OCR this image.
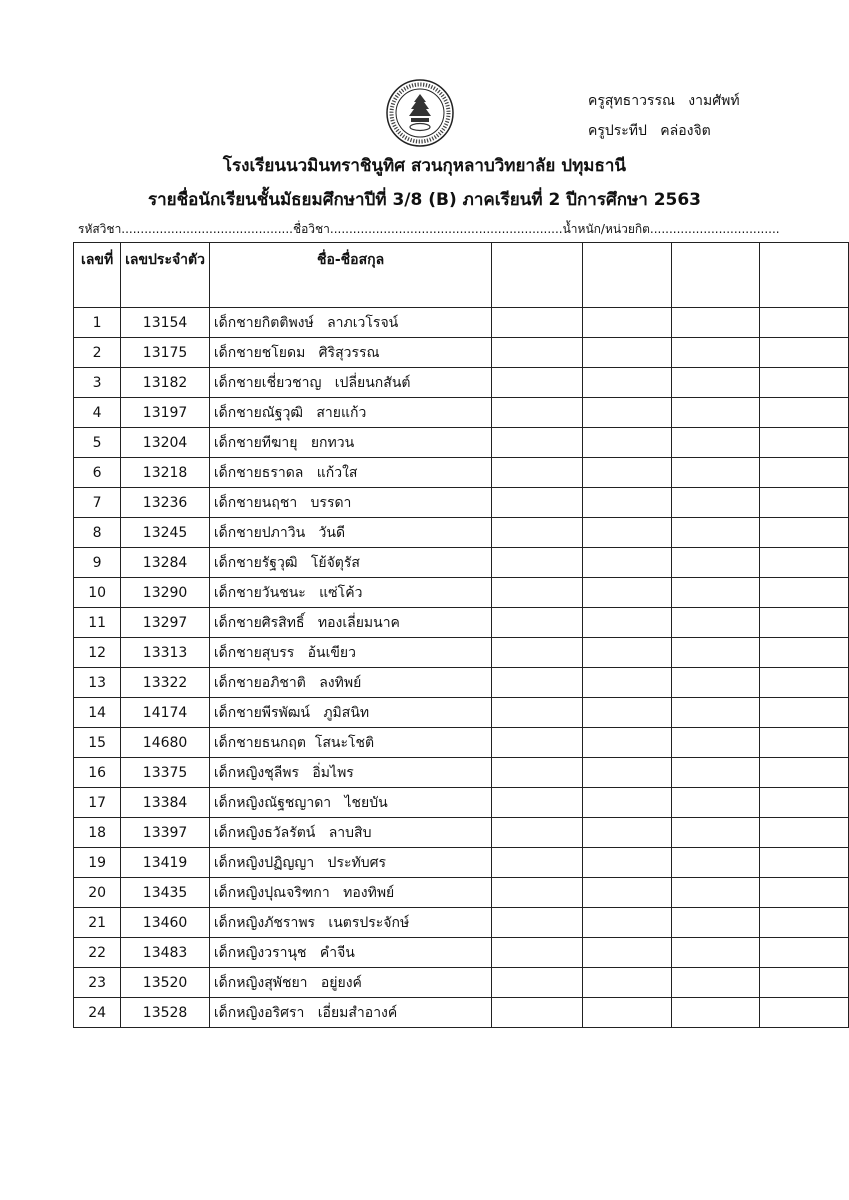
ครูสุทธาวรรณ   งามศัพท์
ครูประทีป   คล่องจิต
โรงเรียนนวมินทราชินูทิศ สวนกุหลาบวิทยาลัย ปทุมธานี
รายชื่อนักเรียนชั้นมัธยมศึกษาปีที่ 3/8 (B) ภาคเรียนที่ 2 ปีการศึกษา 2563
รหัสวิชา.............................................ชื่อวิชา.............................................................น้ำหนัก/หน่วยกิต..................................
เลขที่	เลขประจำตัว	ชื่อ-ชื่อสกุล				
1	13154	เด็กชายกิตติพงษ์   ลาภเวโรจน์				
2	13175	เด็กชายชโยดม   ศิริสุวรรณ				
3	13182	เด็กชายเชี่ยวชาญ   เปลี่ยนกสันต์				
4	13197	เด็กชายณัฐวุฒิ   สายแก้ว				
5	13204	เด็กชายทีฆายุ   ยกทวน				
6	13218	เด็กชายธราดล   แก้วใส				
7	13236	เด็กชายนฤชา   บรรดา				
8	13245	เด็กชายปภาวิน   วันดี				
9	13284	เด็กชายรัฐวุฒิ   โย้จัตุรัส				
10	13290	เด็กชายวันชนะ   แซ่โค้ว				
11	13297	เด็กชายศิรสิทธิ์   ทองเลี่ยมนาค				
12	13313	เด็กชายสุบรร   อ้นเขียว				
13	13322	เด็กชายอภิชาติ   ลงทิพย์				
14	14174	เด็กชายพีรพัฒน์   ภูมิสนิท				
15	14680	เด็กชายธนกฤต  โสนะโชติ				
16	13375	เด็กหญิงชุลีพร   อิ่มไพร				
17	13384	เด็กหญิงณัฐชญาดา   ไชยบัน				
18	13397	เด็กหญิงธวัลรัตน์   ลาบสิบ				
19	13419	เด็กหญิงปฏิญญา   ประทับศร				
20	13435	เด็กหญิงปุณจริฑกา   ทองทิพย์				
21	13460	เด็กหญิงภัชราพร   เนตรประจักษ์				
22	13483	เด็กหญิงวรานุช   คำจีน				
23	13520	เด็กหญิงสุพัชยา   อยู่ยงค์				
24	13528	เด็กหญิงอริศรา   เอี่ยมสำอางค์				
